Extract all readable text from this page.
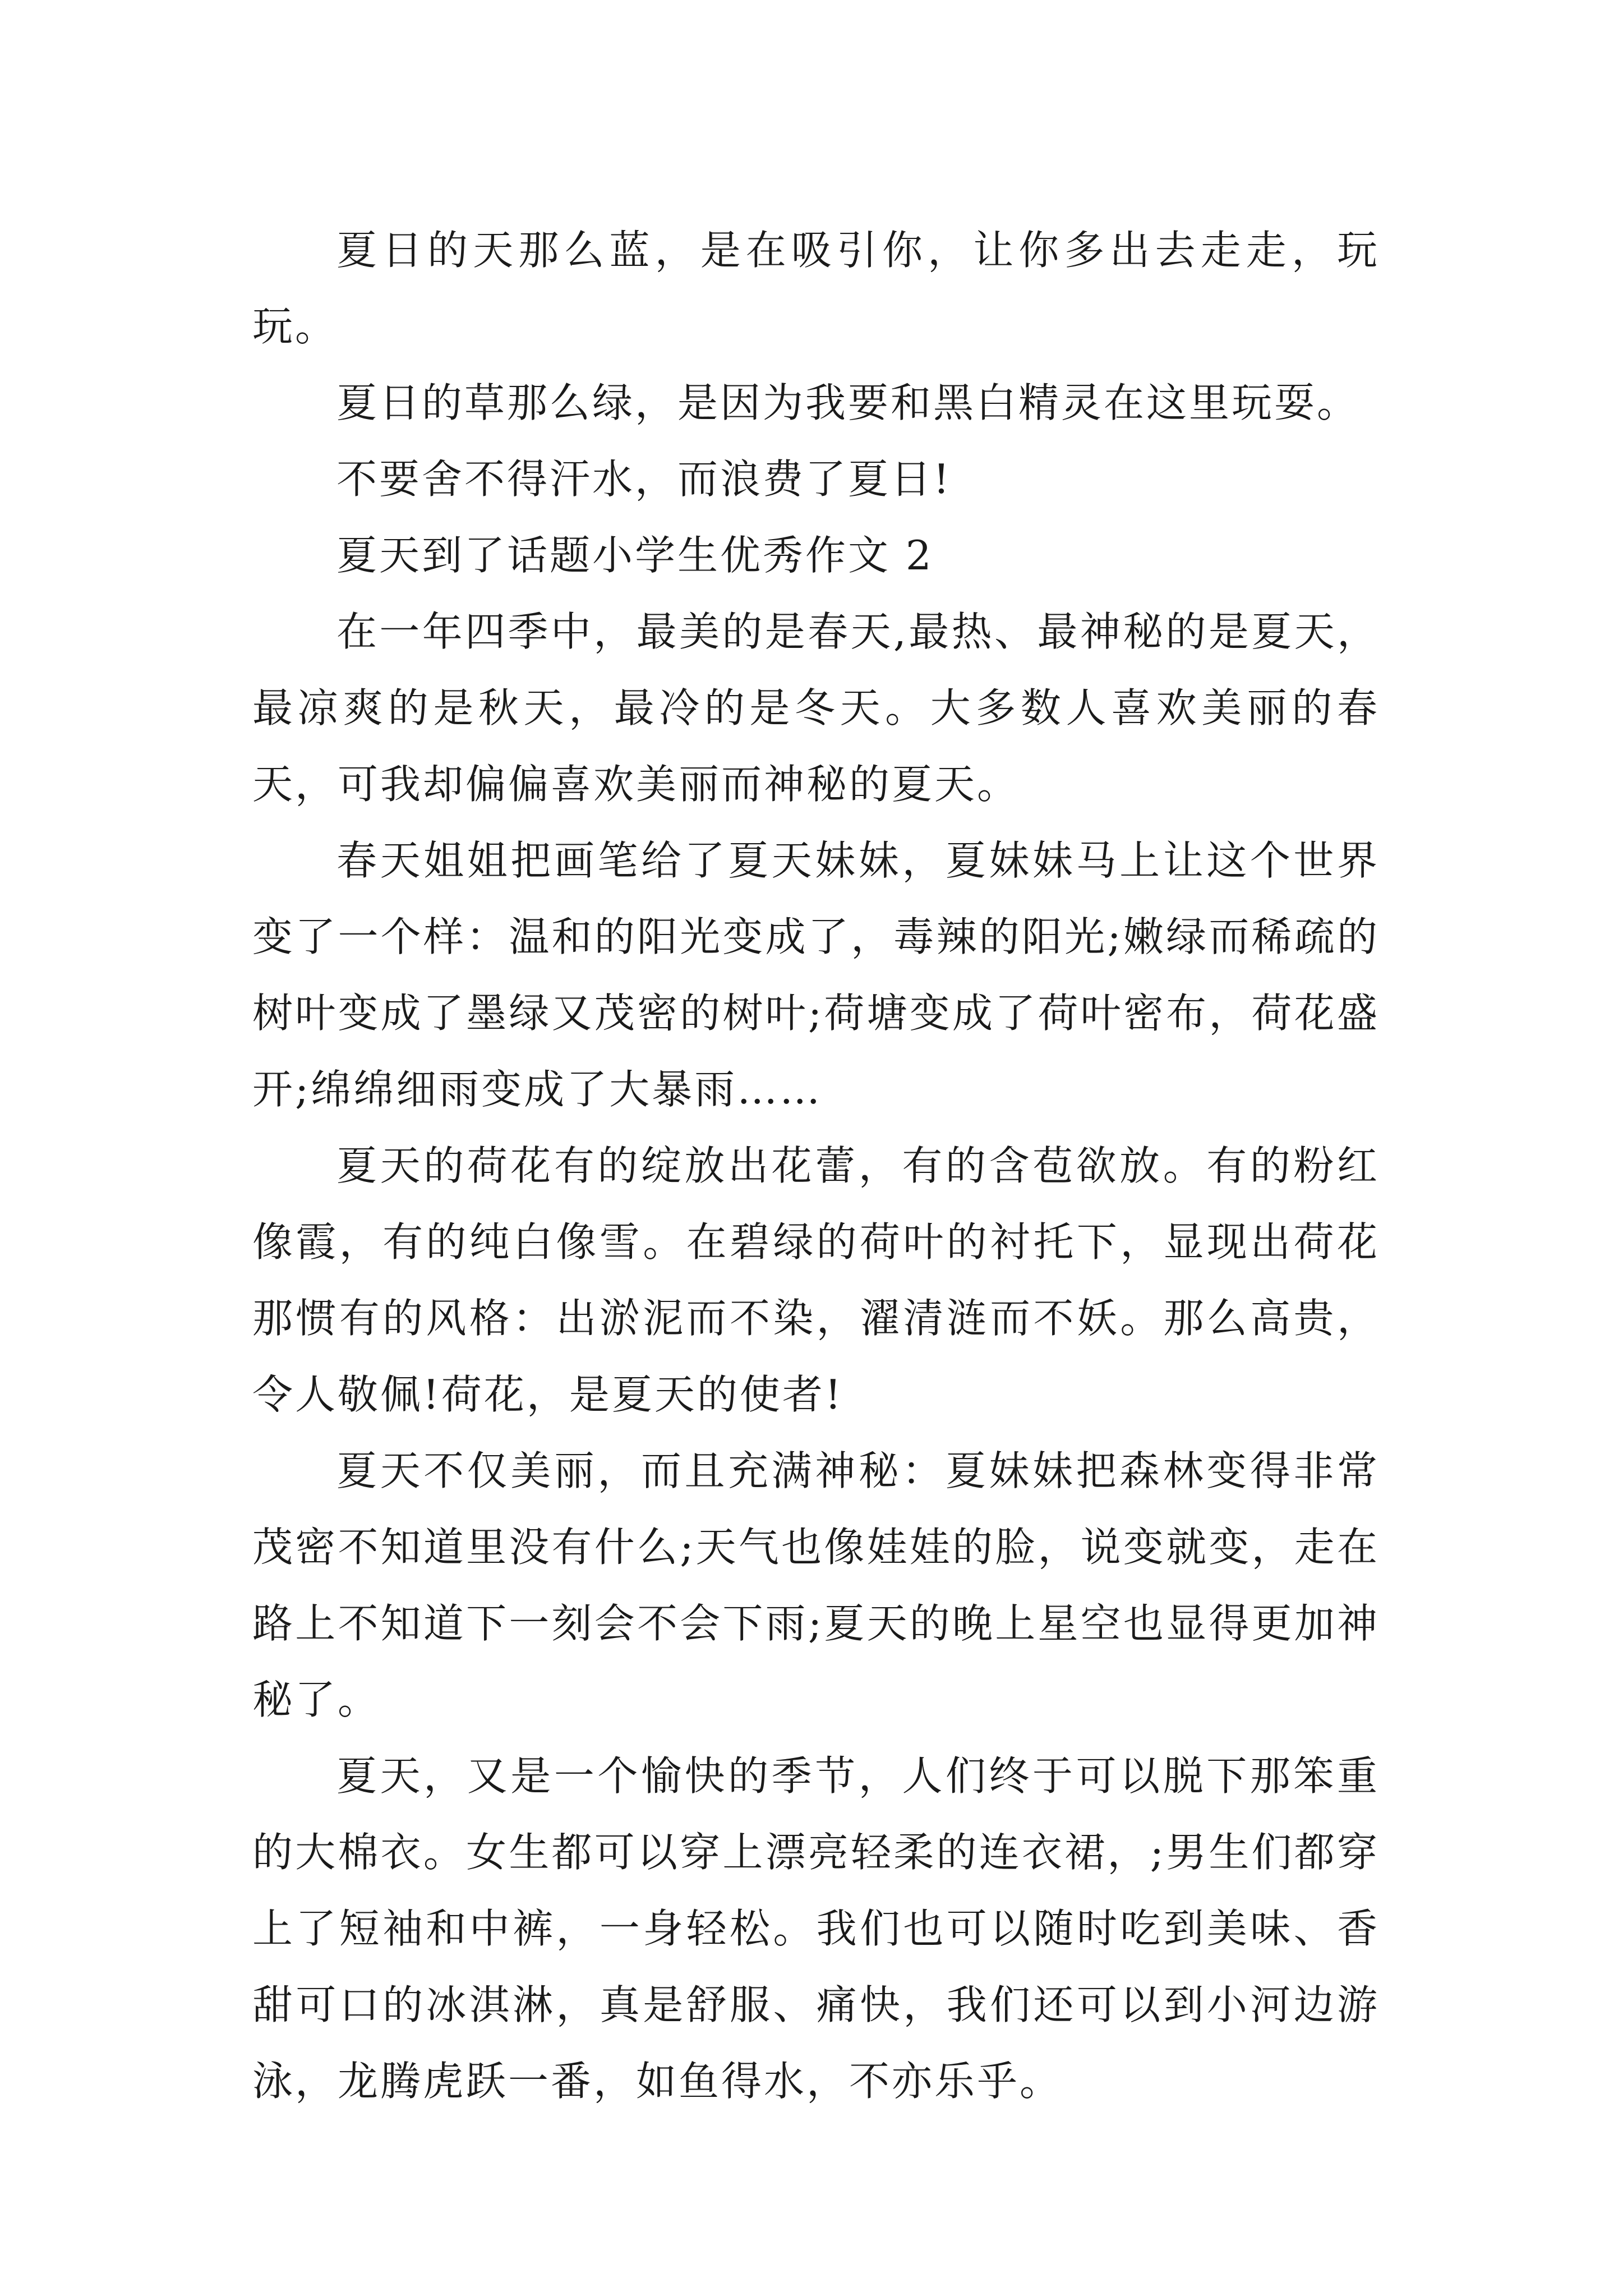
夏日的天那么蓝，是在吸引你，让你多出去走走，玩玩。

夏日的草那么绿，是因为我要和黑白精灵在这里玩耍。

不要舍不得汗水，而浪费了夏日!

夏天到了话题小学生优秀作文 2

在一年四季中，最美的是春天,最热、最神秘的是夏天，最凉爽的是秋天，最冷的是冬天。大多数人喜欢美丽的春天，可我却偏偏喜欢美丽而神秘的夏天。

春天姐姐把画笔给了夏天妹妹，夏妹妹马上让这个世界变了一个样：温和的阳光变成了，毒辣的阳光;嫩绿而稀疏的树叶变成了墨绿又茂密的树叶;荷塘变成了荷叶密布，荷花盛开;绵绵细雨变成了大暴雨……

夏天的荷花有的绽放出花蕾，有的含苞欲放。有的粉红像霞，有的纯白像雪。在碧绿的荷叶的衬托下，显现出荷花那惯有的风格：出淤泥而不染，濯清涟而不妖。那么高贵，令人敬佩!荷花，是夏天的使者!

夏天不仅美丽，而且充满神秘：夏妹妹把森林变得非常茂密不知道里没有什么;天气也像娃娃的脸，说变就变，走在路上不知道下一刻会不会下雨;夏天的晚上星空也显得更加神秘了。

夏天，又是一个愉快的季节，人们终于可以脱下那笨重的大棉衣。女生都可以穿上漂亮轻柔的连衣裙，;男生们都穿上了短袖和中裤，一身轻松。我们也可以随时吃到美味、香甜可口的冰淇淋，真是舒服、痛快，我们还可以到小河边游泳，龙腾虎跃一番，如鱼得水，不亦乐乎。
